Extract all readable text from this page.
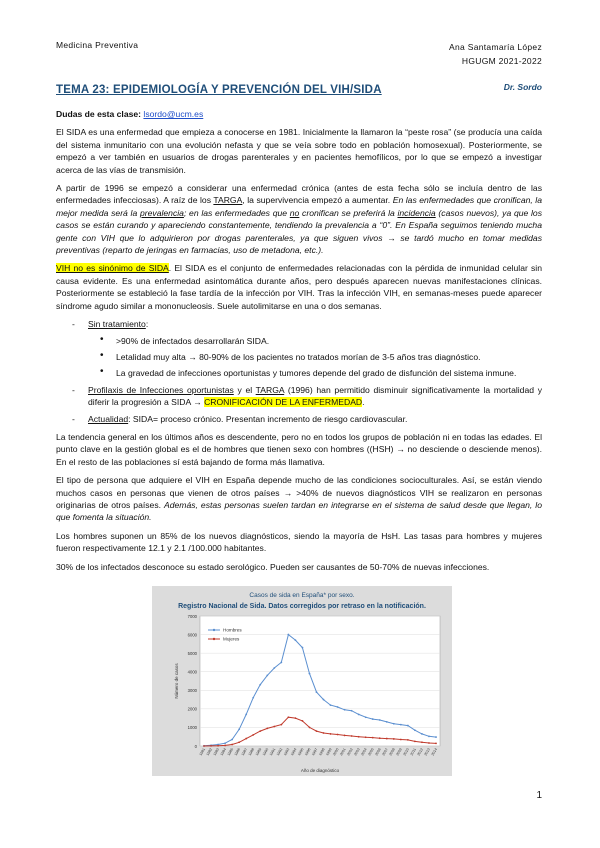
Medicina Preventiva	Ana Santamaría López
HGUGM 2021-2022
TEMA 23: EPIDEMIOLOGÍA Y PREVENCIÓN DEL VIH/SIDA	Dr. Sordo

Dudas de esta clase: lsordo@ucm.es

El SIDA es una enfermedad que empieza a conocerse en 1981. Inicialmente la llamaron la “peste rosa” (se producía una caída del sistema inmunitario con una evolución nefasta y que se veía sobre todo en población homosexual). Posteriormente, se empezó a ver también en usuarios de drogas parenterales y en pacientes hemofílicos, por lo que se empezó a investigar acerca de las vías de transmisión.

A partir de 1996 se empezó a considerar una enfermedad crónica (antes de esta fecha sólo se incluía dentro de las enfermedades infecciosas). A raíz de los TARGA, la supervivencia empezó a aumentar. En las enfermedades que cronifican, la mejor medida será la prevalencia; en las enfermedades que no cronifican se preferirá la incidencia (casos nuevos), ya que los casos se están curando y apareciendo constantemente, tendiendo la prevalencia a “0”. En España seguimos teniendo mucha gente con VIH que lo adquirieron por drogas parenterales, ya que siguen vivos → se tardó mucho en tomar medidas preventivas (reparto de jeringas en farmacias, uso de metadona, etc.).

VIH no es sinónimo de SIDA. El SIDA es el conjunto de enfermedades relacionadas con la pérdida de inmunidad celular sin causa evidente. Es una enfermedad asintomática durante años, pero después aparecen nuevas manifestaciones clínicas. Posteriormente se estableció la fase tardía de la infección por VIH. Tras la infección VIH, en semanas-meses puede aparecer síndrome agudo similar a mononucleosis. Suele autolimitarse en una o dos semanas.

- Sin tratamiento:
• >90% de infectados desarrollarán SIDA.
• Letalidad muy alta → 80-90% de los pacientes no tratados morían de 3-5 años tras diagnóstico.
• La gravedad de infecciones oportunistas y tumores depende del grado de disfunción del sistema inmune.
- Profilaxis de Infecciones oportunistas y el TARGA (1996) han permitido disminuir significativamente la mortalidad y diferir la progresión a SIDA → CRONIFICACIÓN DE LA ENFERMEDAD.
- Actualidad: SIDA= proceso crónico. Presentan incremento de riesgo cardiovascular.

La tendencia general en los últimos años es descendente, pero no en todos los grupos de población ni en todas las edades. El punto clave en la gestión global es el de hombres que tienen sexo con hombres ((HSH) → no desciende o desciende menos). En el resto de las poblaciones sí está bajando de forma más llamativa.

El tipo de persona que adquiere el VIH en España depende mucho de las condiciones socioculturales. Así, se están viendo muchos casos en personas que vienen de otros países → >40% de nuevos diagnósticos VIH se realizaron en personas originarias de otros países. Además, estas personas suelen tardan en integrarse en el sistema de salud desde que llegan, lo que fomenta la situación.

Los hombres suponen un 85% de los nuevos diagnósticos, siendo la mayoría de HsH. Las tasas para hombres y mujeres fueron respectivamente 12.1 y 2.1 /100.000 habitantes.

30% de los infectados desconoce su estado serológico. Pueden ser causantes de 50-70% de nuevas infecciones.

Casos de sida en España* por sexo.
Registro Nacional de Sida. Datos corregidos por retraso en la notificación.
0
1000
2000
3000
4000
5000
6000
7000
1981 1982 1983 1984 1985 1986 1987 1988 1989 1990 1991 1992 1993 1994 1995 1996 1997 1998 1999 2000 2001 2002 2003 2004 2005 2006 2007 2008 2009 2010 2011 2012 2013 2014
Número de casos
Año de diagnóstico
Hombres
Mujeres
1
